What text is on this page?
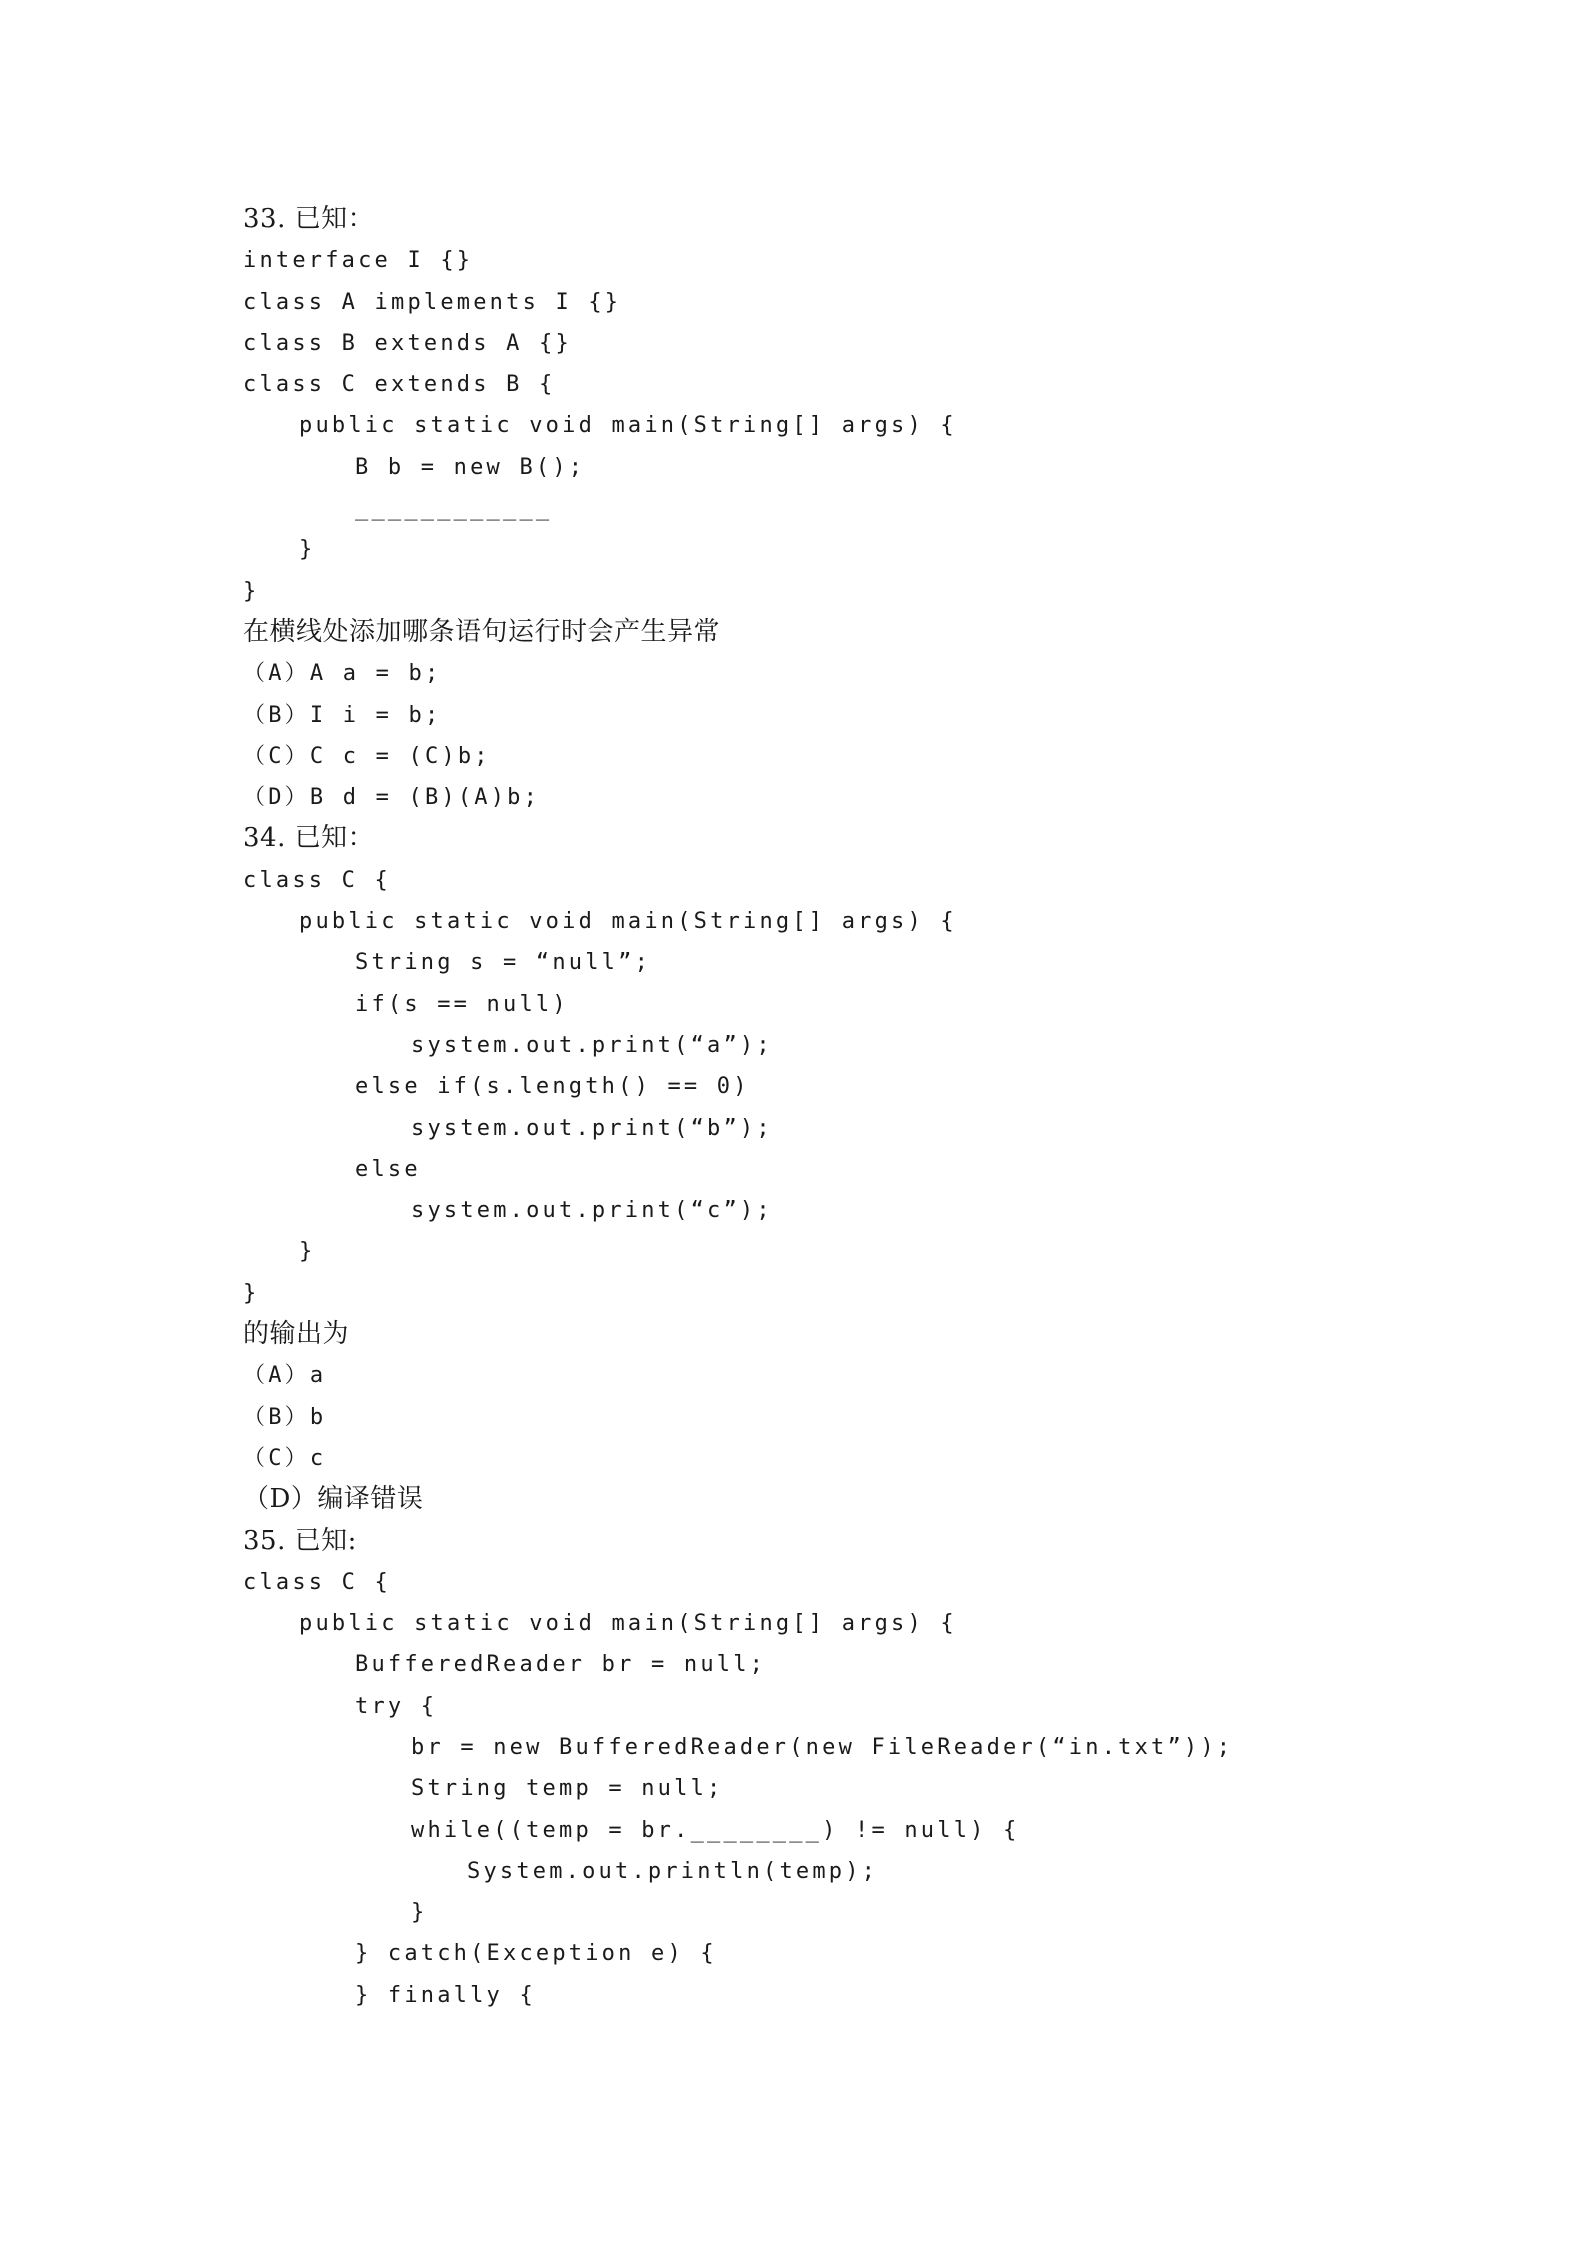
33. 已知：
interface I {}
class A implements I {}
class B extends A {}
class C extends B {
public static void main(String[] args) {
B b = new B();
____________
}
}
在横线处添加哪条语句运行时会产生异常
（A）A a = b;
（B）I i = b;
（C）C c = (C)b;
（D）B d = (B)(A)b;
34. 已知：
class C {
public static void main(String[] args) {
String s = “null”;
if(s == null)
system.out.print(“a”);
else if(s.length() == 0)
system.out.print(“b”);
else
system.out.print(“c”);
}
}
的输出为
（A）a
（B）b
（C）c
（D）编译错误
35. 已知:
class C {
public static void main(String[] args) {
BufferedReader br = null;
try {
br = new BufferedReader(new FileReader(“in.txt”));
String temp = null;
while((temp = br.________) != null) {
System.out.println(temp);
}
} catch(Exception e) {
} finally {
